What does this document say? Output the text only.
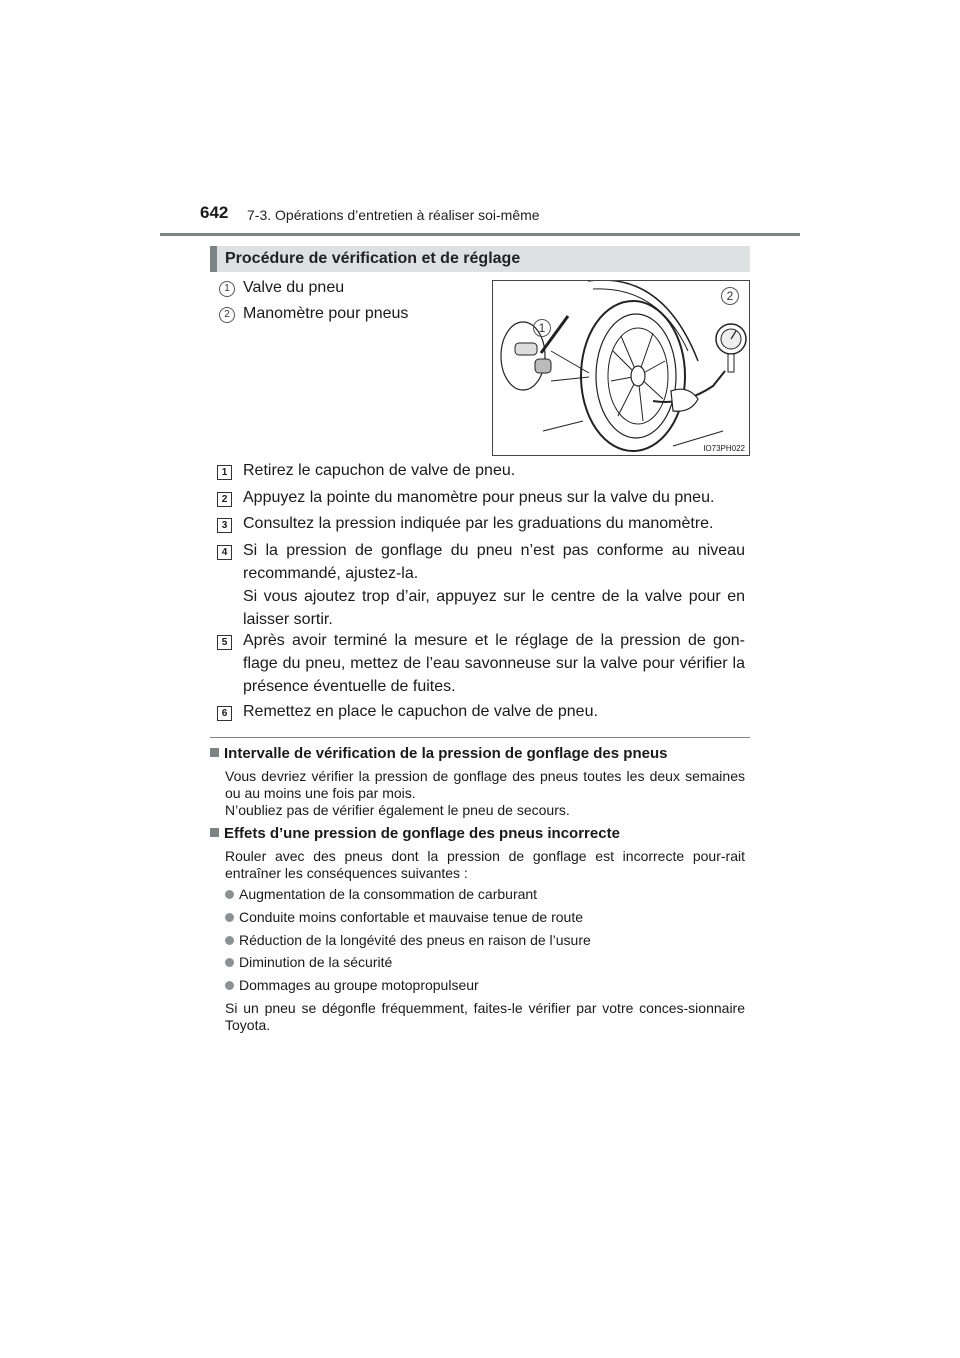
642 7-3. Opérations d’entretien à réaliser soi-même
Procédure de vérification et de réglage
1 Valve du pneu
2 Manomètre pour pneus
1
2
IO73PH022
1 Retirez le capuchon de valve de pneu.
2 Appuyez la pointe du manomètre pour pneus sur la valve du pneu.
3 Consultez la pression indiquée par les graduations du manomètre.
4 Si la pression de gonflage du pneu n’est pas conforme au niveau recommandé, ajustez-la.
Si vous ajoutez trop d’air, appuyez sur le centre de la valve pour en laisser sortir.
5 Après avoir terminé la mesure et le réglage de la pression de gon-flage du pneu, mettez de l’eau savonneuse sur la valve pour vérifier la présence éventuelle de fuites.
6 Remettez en place le capuchon de valve de pneu.
Intervalle de vérification de la pression de gonflage des pneus
Vous devriez vérifier la pression de gonflage des pneus toutes les deux semaines ou au moins une fois par mois.
N’oubliez pas de vérifier également le pneu de secours.
Effets d’une pression de gonflage des pneus incorrecte
Rouler avec des pneus dont la pression de gonflage est incorrecte pour-rait entraîner les conséquences suivantes :
Augmentation de la consommation de carburant
Conduite moins confortable et mauvaise tenue de route
Réduction de la longévité des pneus en raison de l’usure
Diminution de la sécurité
Dommages au groupe motopropulseur
Si un pneu se dégonfle fréquemment, faites-le vérifier par votre conces-sionnaire Toyota.
